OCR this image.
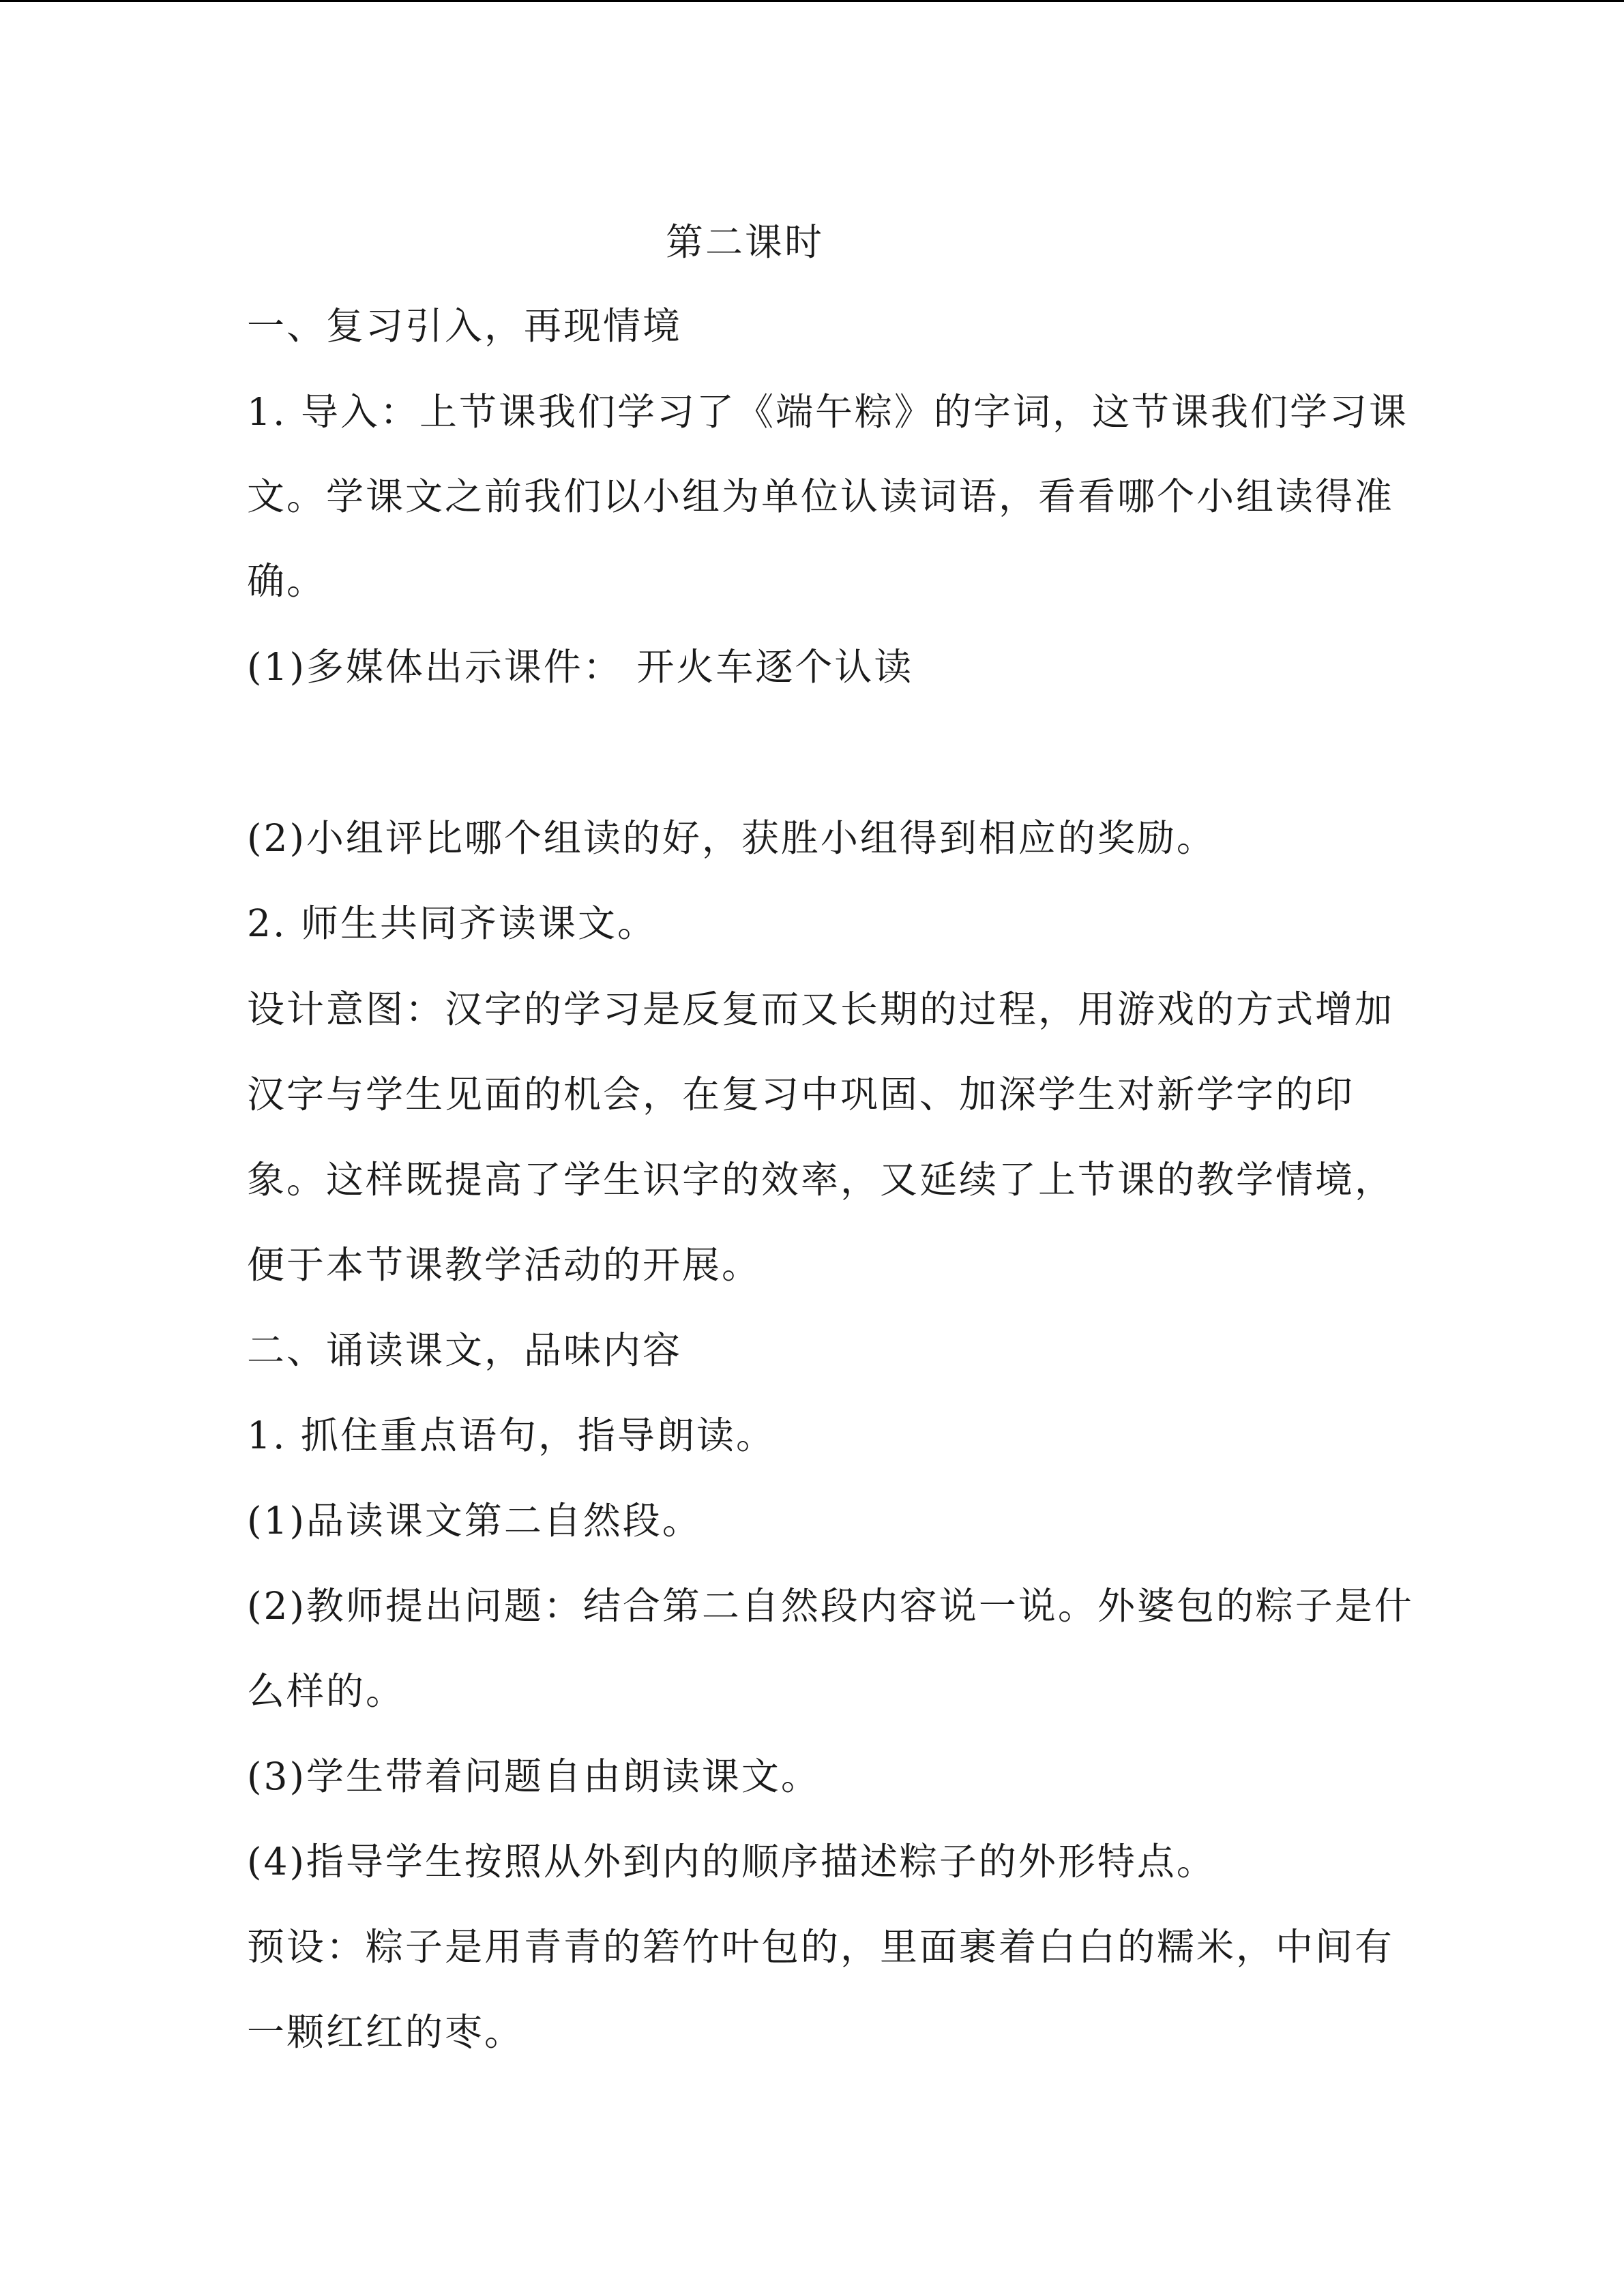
第二课时
一、复习引入，再现情境
1. 导入：上节课我们学习了《端午粽》的字词，这节课我们学习课
文。学课文之前我们以小组为单位认读词语，看看哪个小组读得准
确。
(1)多媒体出示课件： 开火车逐个认读
(2)小组评比哪个组读的好，获胜小组得到相应的奖励。
2. 师生共同齐读课文。
设计意图：汉字的学习是反复而又长期的过程，用游戏的方式增加
汉字与学生见面的机会，在复习中巩固、加深学生对新学字的印
象。这样既提高了学生识字的效率，又延续了上节课的教学情境，
便于本节课教学活动的开展。
二、诵读课文，品味内容
1. 抓住重点语句，指导朗读。
(1)品读课文第二自然段。
(2)教师提出问题：结合第二自然段内容说一说。外婆包的粽子是什
么样的。
(3)学生带着问题自由朗读课文。
(4)指导学生按照从外到内的顺序描述粽子的外形特点。
预设：粽子是用青青的箬竹叶包的，里面裹着白白的糯米，中间有
一颗红红的枣。
